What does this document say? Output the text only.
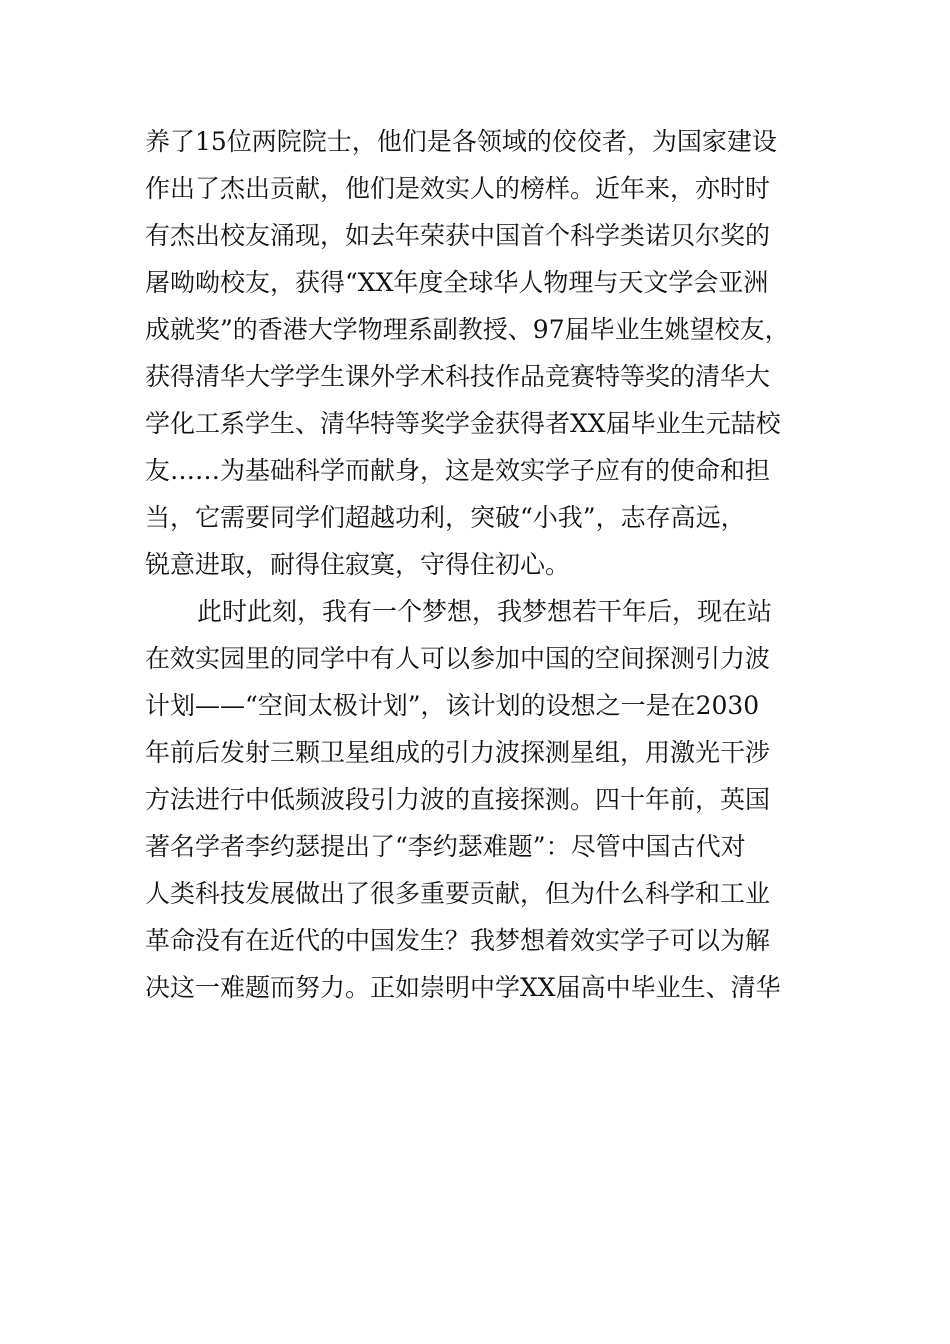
养了15位两院院士，他们是各领域的佼佼者，为国家建设
作出了杰出贡献，他们是效实人的榜样。近年来，亦时时
有杰出校友涌现，如去年荣获中国首个科学类诺贝尔奖的
屠呦呦校友，获得“XX年度全球华人物理与天文学会亚洲
成就奖”的香港大学物理系副教授、97届毕业生姚望校友，
获得清华大学学生课外学术科技作品竞赛特等奖的清华大
学化工系学生、清华特等奖学金获得者XX届毕业生元喆校
友……为基础科学而献身，这是效实学子应有的使命和担
当，它需要同学们超越功利，突破“小我”，志存高远，
锐意进取，耐得住寂寞，守得住初心。
此时此刻，我有一个梦想，我梦想若干年后，现在站
在效实园里的同学中有人可以参加中国的空间探测引力波
计划——“空间太极计划”，该计划的设想之一是在2030
年前后发射三颗卫星组成的引力波探测星组，用激光干涉
方法进行中低频波段引力波的直接探测。四十年前，英国
著名学者李约瑟提出了“李约瑟难题”：尽管中国古代对
人类科技发展做出了很多重要贡献，但为什么科学和工业
革命没有在近代的中国发生？我梦想着效实学子可以为解
决这一难题而努力。正如崇明中学XX届高中毕业生、清华
